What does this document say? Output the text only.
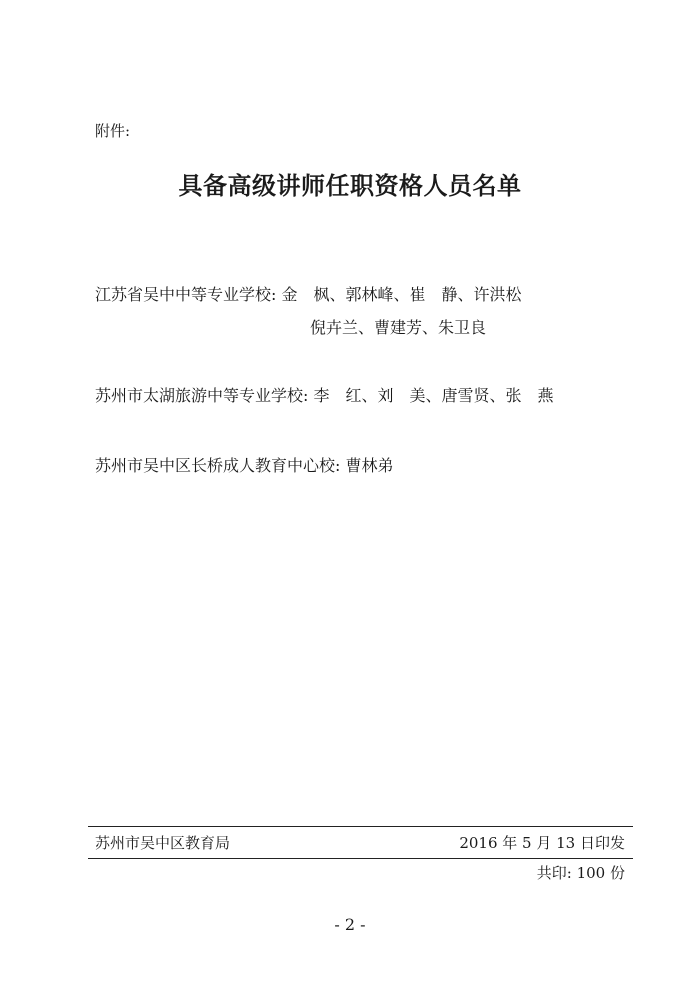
附件:
具备高级讲师任职资格人员名单
江苏省吴中中等专业学校: 金　枫、郭林峰、崔　静、许洪松
倪卉兰、曹建芳、朱卫良
苏州市太湖旅游中等专业学校: 李　红、刘　美、唐雪贤、张　燕
苏州市吴中区长桥成人教育中心校: 曹林弟
苏州市吴中区教育局	2016 年 5 月 13 日印发
共印: 100 份
- 2 -
